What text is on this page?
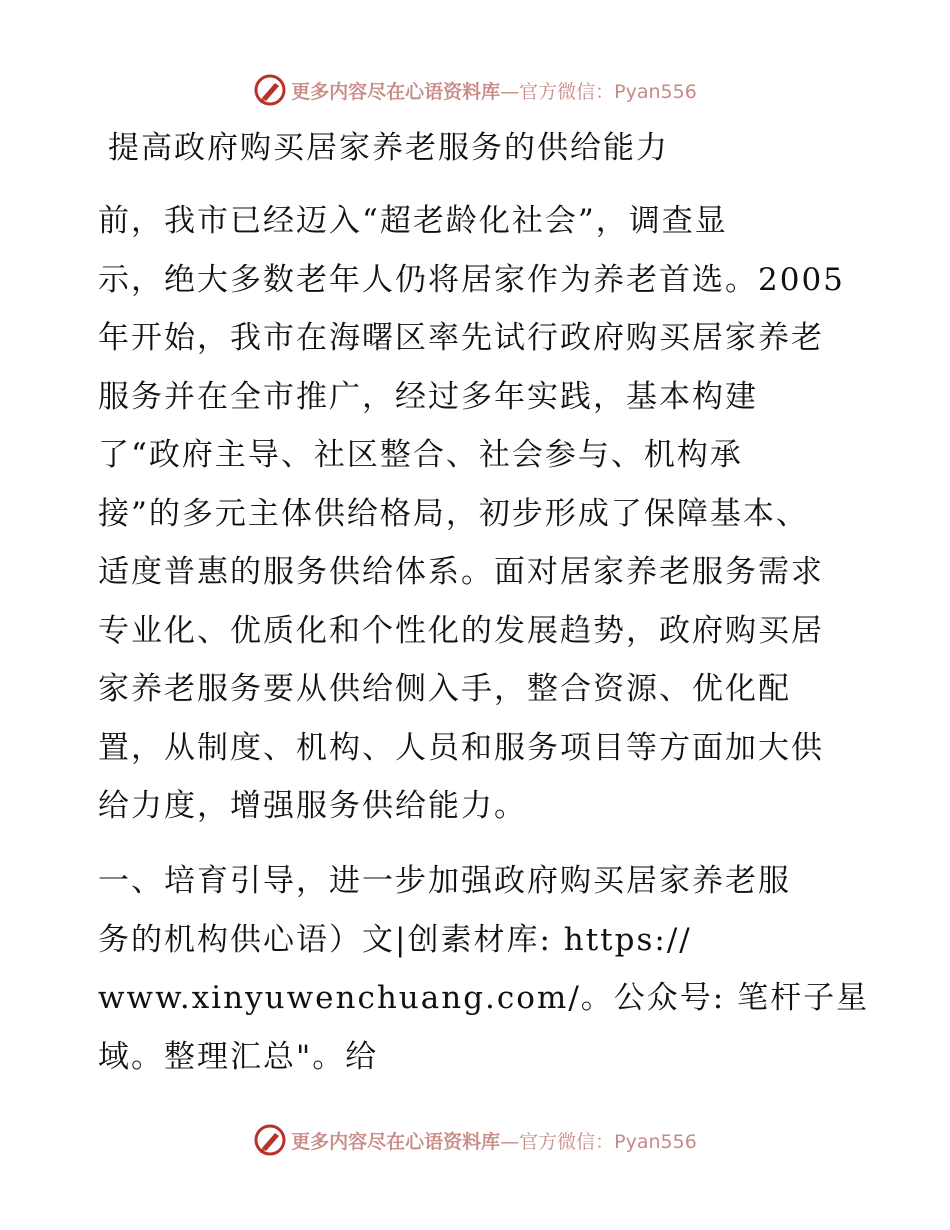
更多内容尽在心语资料库 —官方微信：Pyan556
提高政府购买居家养老服务的供给能力
前，我市已经迈入“超老龄化社会”，调查显
示，绝大多数老年人仍将居家作为养老首选。2005
年开始，我市在海曙区率先试行政府购买居家养老
服务并在全市推广，经过多年实践，基本构建
了“政府主导、社区整合、社会参与、机构承
接”的多元主体供给格局，初步形成了保障基本、
适度普惠的服务供给体系。面对居家养老服务需求
专业化、优质化和个性化的发展趋势，政府购买居
家养老服务要从供给侧入手，整合资源、优化配
置，从制度、机构、人员和服务项目等方面加大供
给力度，增强服务供给能力。
一、培育引导，进一步加强政府购买居家养老服
务的机构供心语）文|创素材库: https://
www.xinyuwenchuang.com/。公众号: 笔杆子星
域。整理汇总"。给
更多内容尽在心语资料库 —官方微信：Pyan556
